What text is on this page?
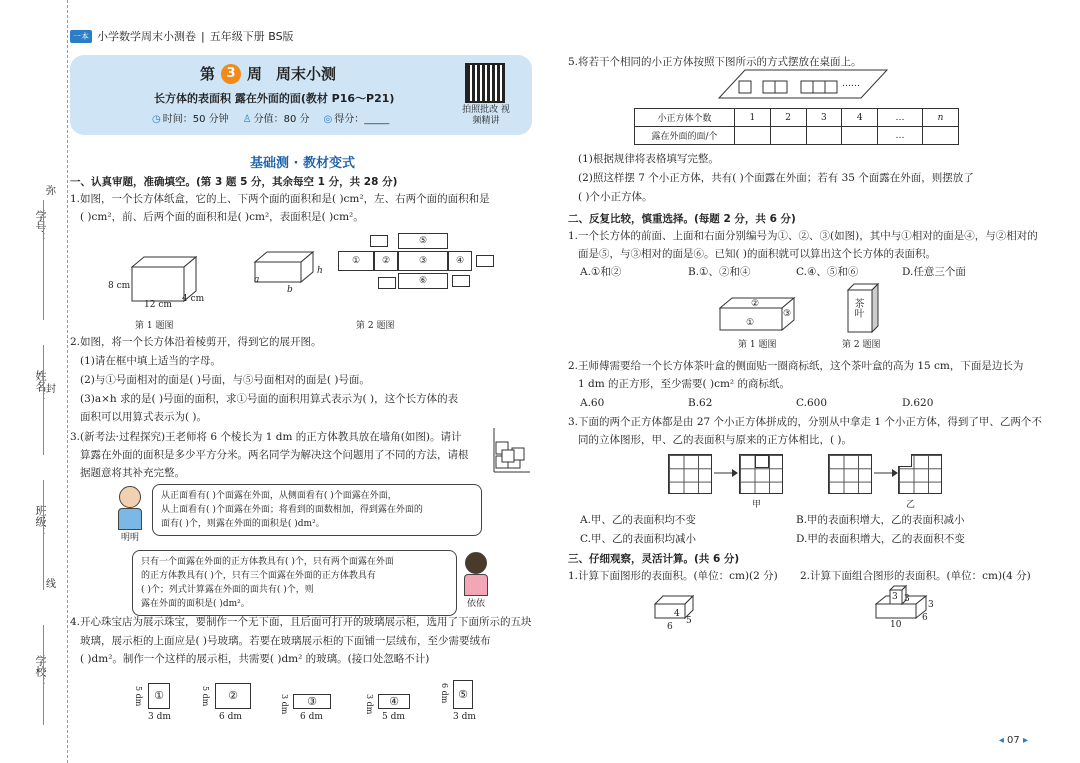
学号：
姓名：
班级：
学校：
弥
封
线
一本 小学数学周末小测卷 | 五年级下册 BS版
第 3 周 周末小测
长方体的表面积 露在外面的面(教材 P16～P21)
◷ 时间：50 分钟 ♙ 分值：80 分 ◎ 得分：_____
拍照批改 视频精讲
基础测 · 教材变式
一、认真审题，准确填空。(第 3 题 5 分，其余每空 1 分，共 28 分)
1.如图，一个长方体纸盒，它的上、下两个面的面积和是( )cm²，左、右两个面的面积和是
( )cm²，前、后两个面的面积和是( )cm²，表面积是( )cm²。
8 cm
12 cm
4 cm
第 1 题图
a
b
h
⑤
①	②	③	④
⑥
第 2 题图
2.如图，将一个长方体沿着棱剪开，得到它的展开图。
(1)请在框中填上适当的字母。
(2)与①号面相对的面是( )号面，与⑤号面相对的面是( )号面。
(3)a×h 求的是( )号面的面积，求①号面的面积用算式表示为( )，这个长方体的表
面积可以用算式表示为( )。
3.(新考法·过程探究)王老师将 6 个棱长为 1 dm 的正方体教具放在墙角(如图)。请计
算露在外面的面积是多少平方分米。两名同学为解决这个问题用了不同的方法，请根
据题意将其补充完整。
明明
从正面看有( )个面露在外面，从侧面看有( )个面露在外面，
从上面看有( )个面露在外面；将看到的面数相加，得到露在外面的
面有( )个，则露在外面的面积是( )dm²。
只有一个面露在外面的正方体教具有( )个，只有两个面露在外面
的正方体教具有( )个，只有三个面露在外面的正方体教具有
( )个；列式计算露在外面的面共有( )个，则
露在外面的面积是( )dm²。	依依
4.开心珠宝店为展示珠宝，要制作一个无下面，且后面可打开的玻璃展示柜，选用了下面所示的五块
玻璃，展示柜的上面应是( )号玻璃。若要在玻璃展示柜的下面铺一层绒布，至少需要绒布
( )dm²。制作一个这样的展示柜，共需要( )dm² 的玻璃。(接口处忽略不计)
①
5 dm
3 dm
②
5 dm
6 dm
③
3 dm
6 dm
④
3 dm
5 dm
⑤
6 dm
3 dm
5.将若干个相同的小正方体按照下图所示的方式摆放在桌面上。
……
小正方体个数	1	2	3	4	…	n
露在外面的面/个					…	
(1)根据规律将表格填写完整。
(2)照这样摆 7 个小正方体，共有( )个面露在外面；若有 35 个面露在外面，则摆放了
( )个小正方体。
二、反复比较，慎重选择。(每题 2 分，共 6 分)
1.一个长方体的前面、上面和右面分别编号为①、②、③(如图)，其中与①相对的面是④，与②相对的
面是⑤，与③相对的面是⑥。已知( )的面积就可以算出这个长方体的表面积。
A.①和②	B.①、②和④	C.④、⑤和⑥	D.任意三个面
②
①
③
第 1 题图
茶叶
第 2 题图
2.王师傅需要给一个长方体茶叶盒的侧面贴一圈商标纸，这个茶叶盒的高为 15 cm，下面是边长为
1 dm 的正方形，至少需要( )cm² 的商标纸。
A.60	B.62	C.600	D.620
3.下面的两个正方体都是由 27 个小正方体拼成的，分别从中拿走 1 个小正方体，得到了甲、乙两个不
同的立体图形，甲、乙的表面积与原来的正方体相比，( )。
甲	乙
A.甲、乙的表面积均不变	B.甲的表面积增大，乙的表面积减小
C.甲、乙的表面积均减小	D.甲的表面积增大，乙的表面积不变
三、仔细观察，灵活计算。(共 6 分)
1.计算下面图形的表面积。(单位：cm)(2 分) 2.计算下面组合图形的表面积。(单位：cm)(4 分)
4
5
6
3 3
3
10
6
◂ 07 ▸
